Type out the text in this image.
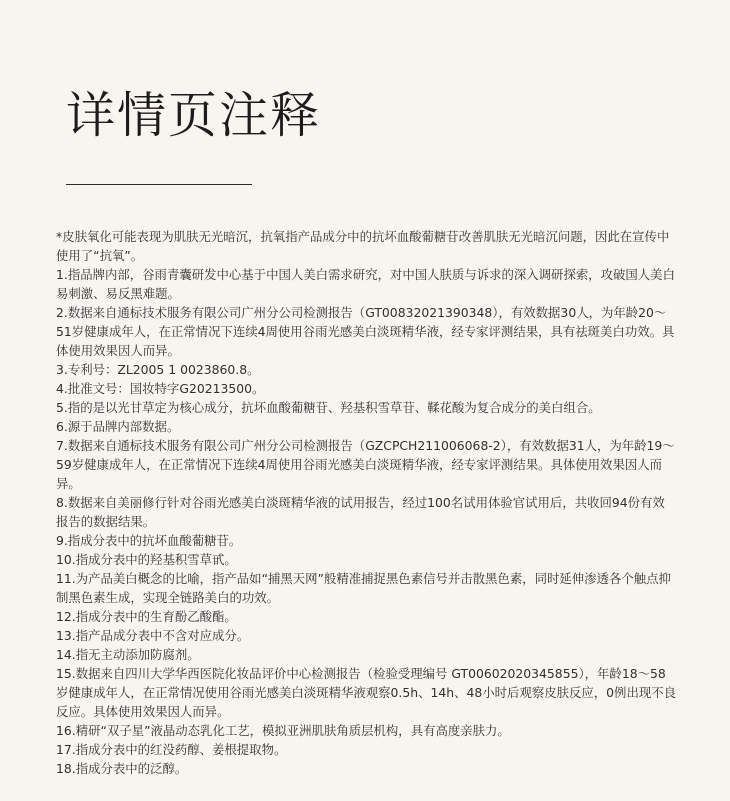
详情页注释

*皮肤氧化可能表现为肌肤无光暗沉，抗氧指产品成分中的抗坏血酸葡糖苷改善肌肤无光暗沉问题，因此在宣传中使用了“抗氧”。

1.指品牌内部，谷雨青囊研发中心基于中国人美白需求研究，对中国人肤质与诉求的深入调研探索，攻破国人美白易刺激、易反黑难题。

2.数据来自通标技术服务有限公司广州分公司检测报告（GT00832021390348），有效数据30人，为年龄20～51岁健康成年人，在正常情况下连续4周使用谷雨光感美白淡斑精华液，经专家评测结果，具有祛斑美白功效。具体使用效果因人而异。

3.专利号：ZL2005 1 0023860.8。

4.批准文号：国妆特字G20213500。

5.指的是以光甘草定为核心成分，抗坏血酸葡糖苷、羟基积雪草苷、鞣花酸为复合成分的美白组合。

6.源于品牌内部数据。

7.数据来自通标技术服务有限公司广州分公司检测报告（GZCPCH211006068-2），有效数据31人，为年龄19～59岁健康成年人，在正常情况下连续4周使用谷雨光感美白淡斑精华液，经专家评测结果。具体使用效果因人而异。

8.数据来自美丽修行针对谷雨光感美白淡斑精华液的试用报告，经过100名试用体验官试用后，共收回94份有效报告的数据结果。

9.指成分表中的抗坏血酸葡糖苷。

10.指成分表中的羟基积雪草甙。

11.为产品美白概念的比喻，指产品如“捕黑天网”般精准捕捉黑色素信号并击散黑色素，同时延伸渗透各个触点抑制黑色素生成，实现全链路美白的功效。

12.指成分表中的生育酚乙酸酯。

13.指产品成分表中不含对应成分。

14.指无主动添加防腐剂。

15.数据来自四川大学华西医院化妆品评价中心检测报告（检验受理编号 GT00602020345855），年龄18～58岁健康成年人，在正常情况使用谷雨光感美白淡斑精华液观察0.5h、14h、48小时后观察皮肤反应，0例出现不良反应。具体使用效果因人而异。

16.精研“双子星”液晶动态乳化工艺，模拟亚洲肌肤角质层机构，具有高度亲肤力。

17.指成分表中的红没药醇、姜根提取物。

18.指成分表中的泛醇。
